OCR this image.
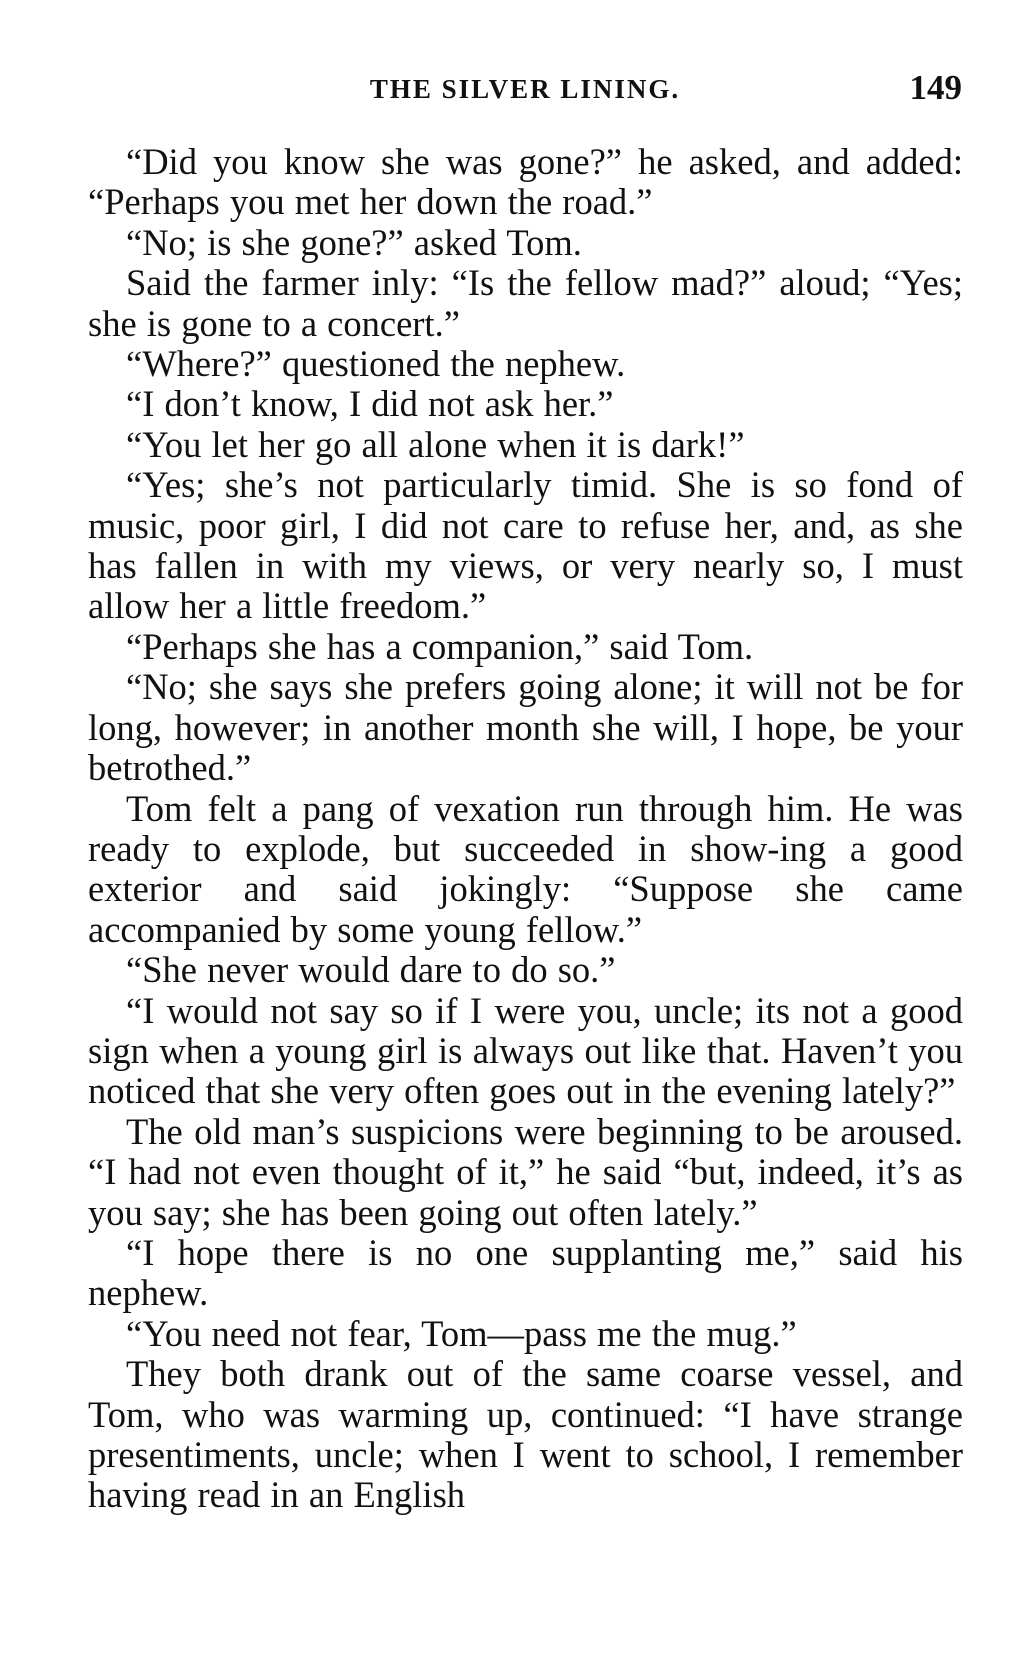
THE SILVER LINING.	149

“Did you know she was gone?” he asked, and added: “Perhaps you met her down the road.”

“No; is she gone?” asked Tom.

Said the farmer inly: “Is the fellow mad?” aloud; “Yes; she is gone to a concert.”

“Where?” questioned the nephew.

“I don’t know, I did not ask her.”

“You let her go all alone when it is dark!”

“Yes; she’s not particularly timid. She is so fond of music, poor girl, I did not care to refuse her, and, as she has fallen in with my views, or very nearly so, I must allow her a little freedom.”

“Perhaps she has a companion,” said Tom.

“No; she says she prefers going alone; it will not be for long, however; in another month she will, I hope, be your betrothed.”

Tom felt a pang of vexation run through him. He was ready to explode, but succeeded in show-ing a good exterior and said jokingly: “Suppose she came accompanied by some young fellow.”

“She never would dare to do so.”

“I would not say so if I were you, uncle; its not a good sign when a young girl is always out like that. Haven’t you noticed that she very often goes out in the evening lately?”

The old man’s suspicions were beginning to be aroused. “I had not even thought of it,” he said “but, indeed, it’s as you say; she has been going out often lately.”

“I hope there is no one supplanting me,” said his nephew.

“You need not fear, Tom—pass me the mug.”

They both drank out of the same coarse vessel, and Tom, who was warming up, continued: “I have strange presentiments, uncle; when I went to school, I remember having read in an English
